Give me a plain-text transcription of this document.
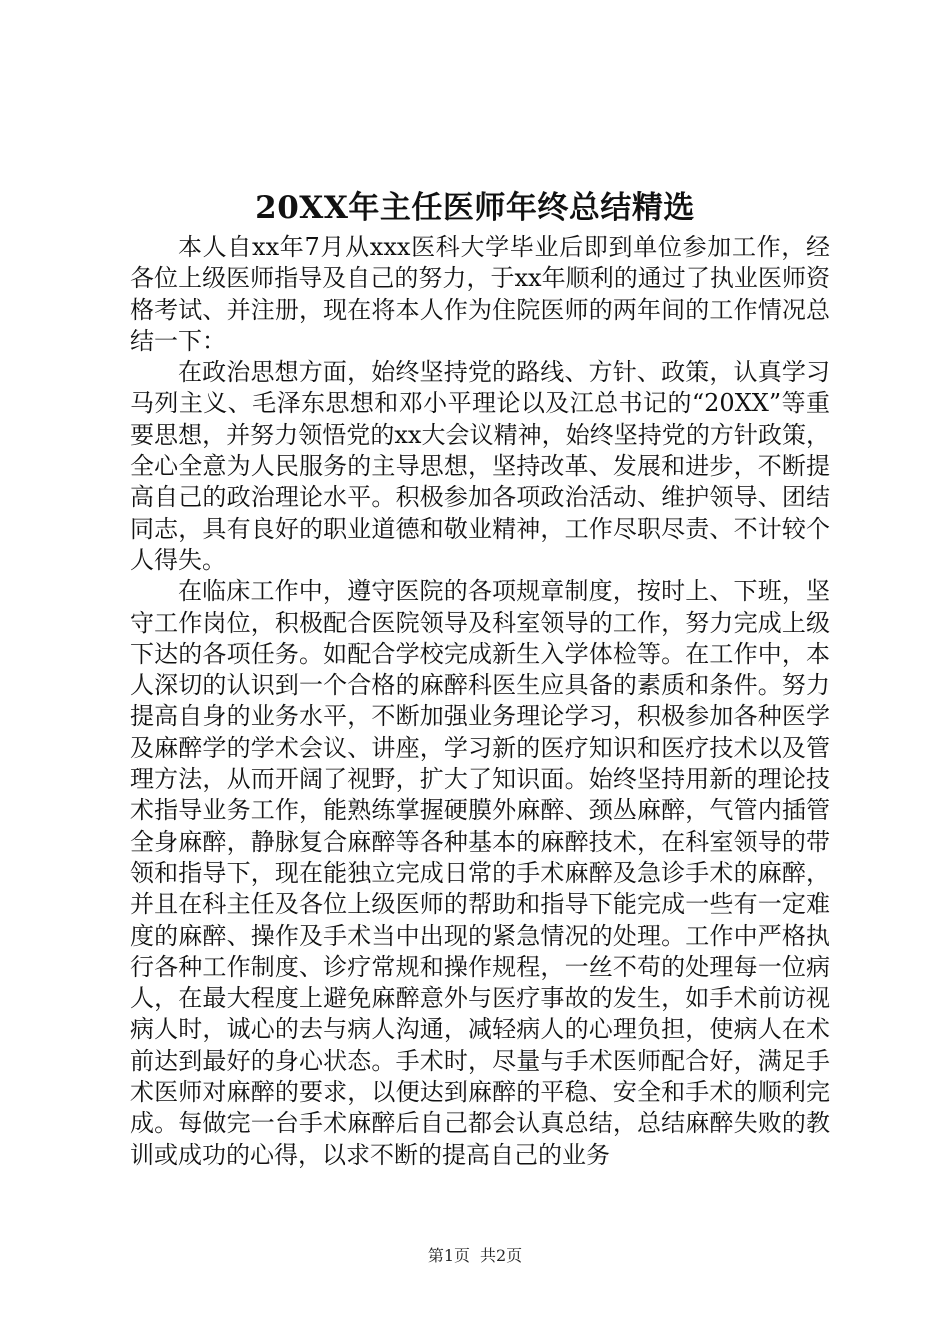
20XX年主任医师年终总结精选

本人自xx年7月从xxx医科大学毕业后即到单位参加工作，经各位上级医师指导及自己的努力，于xx年顺利的通过了执业医师资格考试、并注册，现在将本人作为住院医师的两年间的工作情况总结一下：

在政治思想方面，始终坚持党的路线、方针、政策，认真学习马列主义、毛泽东思想和邓小平理论以及江总书记的“20XX”等重要思想，并努力领悟党的xx大会议精神，始终坚持党的方针政策，全心全意为人民服务的主导思想，坚持改革、发展和进步，不断提高自己的政治理论水平。积极参加各项政治活动、维护领导、团结同志，具有良好的职业道德和敬业精神，工作尽职尽责、不计较个人得失。

在临床工作中，遵守医院的各项规章制度，按时上、下班，坚守工作岗位，积极配合医院领导及科室领导的工作，努力完成上级下达的各项任务。如配合学校完成新生入学体检等。在工作中，本人深切的认识到一个合格的麻醉科医生应具备的素质和条件。努力提高自身的业务水平，不断加强业务理论学习，积极参加各种医学及麻醉学的学术会议、讲座，学习新的医疗知识和医疗技术以及管理方法，从而开阔了视野，扩大了知识面。始终坚持用新的理论技术指导业务工作，能熟练掌握硬膜外麻醉、颈丛麻醉，气管内插管全身麻醉，静脉复合麻醉等各种基本的麻醉技术，在科室领导的带领和指导下，现在能独立完成日常的手术麻醉及急诊手术的麻醉，并且在科主任及各位上级医师的帮助和指导下能完成一些有一定难度的麻醉、操作及手术当中出现的紧急情况的处理。工作中严格执行各种工作制度、诊疗常规和操作规程，一丝不苟的处理每一位病人，在最大程度上避免麻醉意外与医疗事故的发生，如手术前访视病人时，诚心的去与病人沟通，减轻病人的心理负担，使病人在术前达到最好的身心状态。手术时，尽量与手术医师配合好，满足手术医师对麻醉的要求，以便达到麻醉的平稳、安全和手术的顺利完成。每做完一台手术麻醉后自己都会认真总结，总结麻醉失败的教训或成功的心得，以求不断的提高自己的业务

第1页 共2页
